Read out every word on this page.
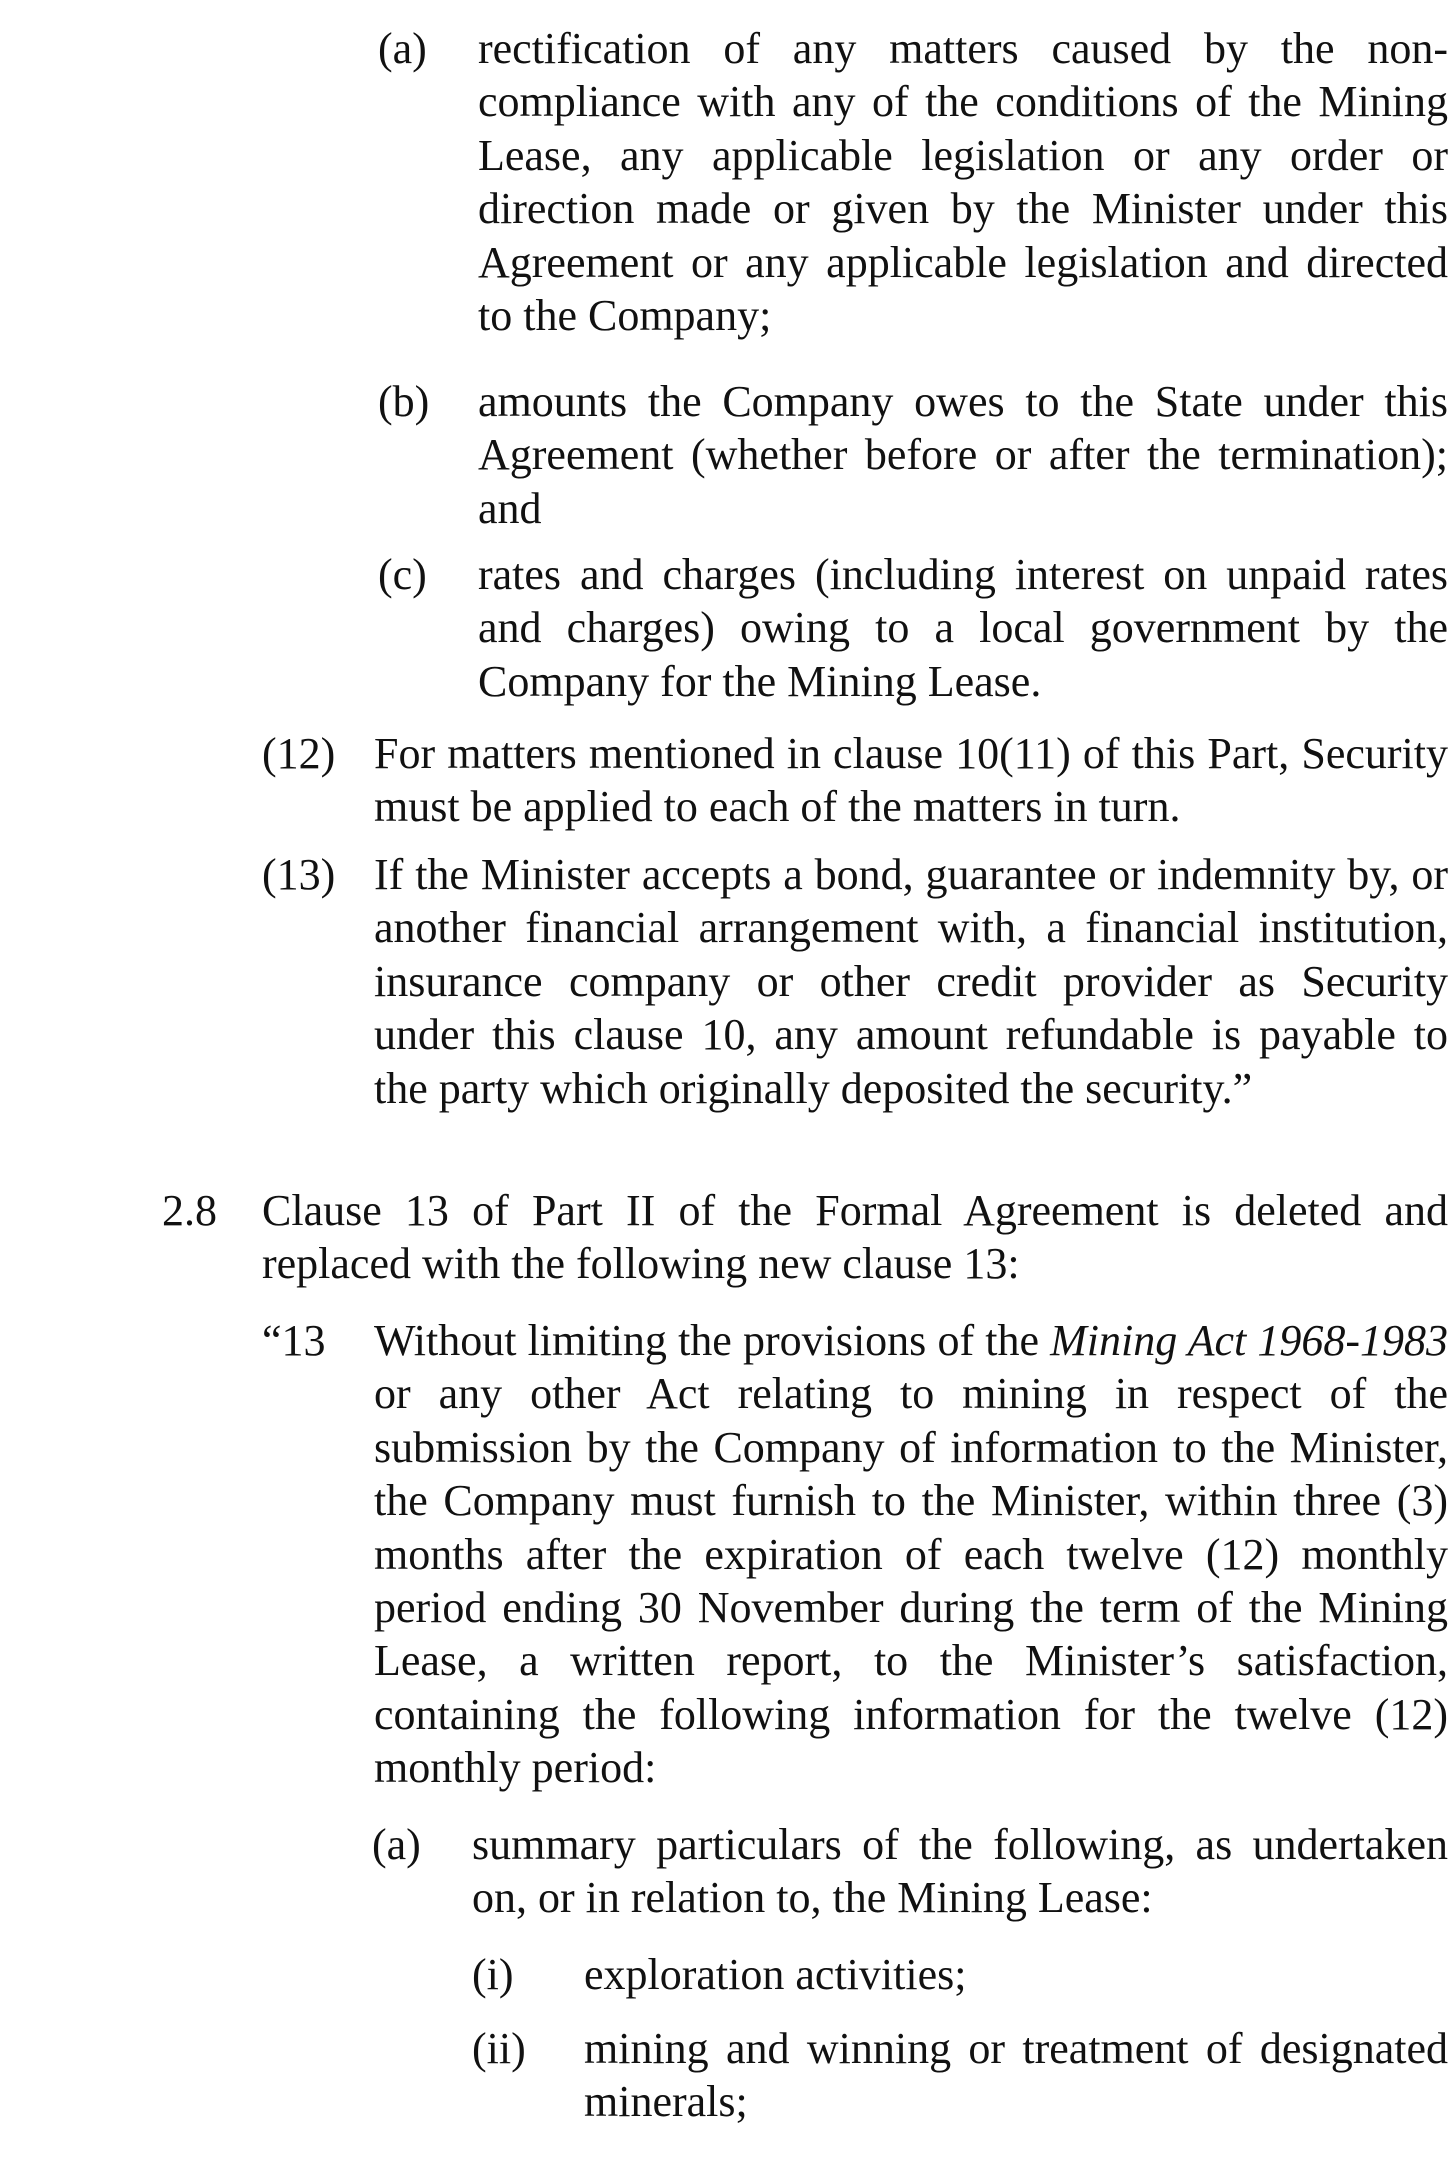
(a) rectification of any matters caused by the non-compliance with any of the conditions of the Mining Lease, any applicable legislation or any order or direction made or given by the Minister under this Agreement or any applicable legislation and directed to the Company;
(b) amounts the Company owes to the State under this Agreement (whether before or after the termination); and
(c) rates and charges (including interest on unpaid rates and charges) owing to a local government by the Company for the Mining Lease.
(12) For matters mentioned in clause 10(11) of this Part, Security must be applied to each of the matters in turn.
(13) If the Minister accepts a bond, guarantee or indemnity by, or another financial arrangement with, a financial institution, insurance company or other credit provider as Security under this clause 10, any amount refundable is payable to the party which originally deposited the security.”
2.8 Clause 13 of Part II of the Formal Agreement is deleted and replaced with the following new clause 13:
“13 Without limiting the provisions of the Mining Act 1968-1983 or any other Act relating to mining in respect of the submission by the Company of information to the Minister, the Company must furnish to the Minister, within three (3) months after the expiration of each twelve (12) monthly period ending 30 November during the term of the Mining Lease, a written report, to the Minister’s satisfaction, containing the following information for the twelve (12) monthly period:
(a) summary particulars of the following, as undertaken on, or in relation to, the Mining Lease:
(i) exploration activities;
(ii) mining and winning or treatment of designated minerals;
